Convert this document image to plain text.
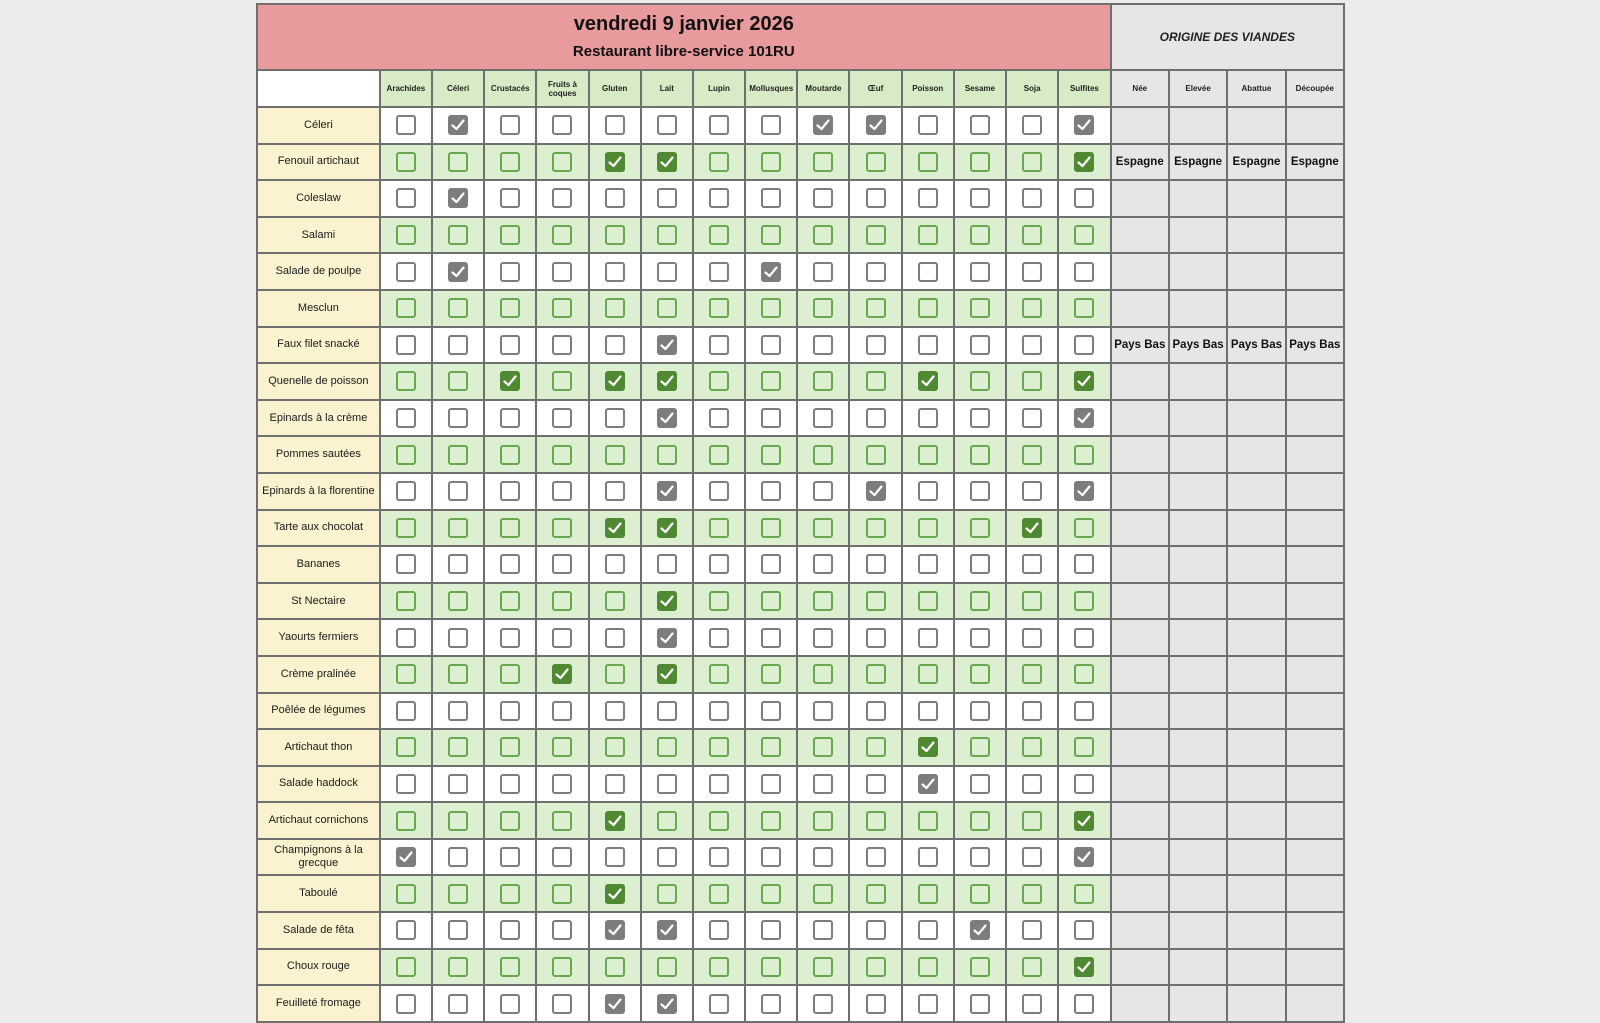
vendredi 9 janvier 2026
Restaurant libre-service 101RU															ORIGINE DES VIANDES			
	Arachides	Céleri	Crustacés	Fruits à coques	Gluten	Lait	Lupin	Mollusques	Moutarde	Œuf	Poisson	Sesame	Soja	Sulfites	Née	Elevée	Abattue	Découpée
Céleri		

Fenouil artichaut															Espagne	Espagne	Espagne	Espagne
Coleslaw		

Salami																		
Salade de poulpe		

Mesclun																		
Faux filet snacké															Pays Bas	Pays Bas	Pays Bas	Pays Bas
Quenelle de poisson			

Epinards à la crème						

Pommes sautées																		
Epinards à la florentine						

Tarte aux chocolat					

Bananes																		
St Nectaire						

Yaourts fermiers						

Crème pralinée				

Poêlée de légumes																		
Artichaut thon											

Salade haddock											

Artichaut cornichons					

Champignons à la grecque	

Taboulé					

Salade de fêta					

Choux rouge														

Feuilleté fromage					
